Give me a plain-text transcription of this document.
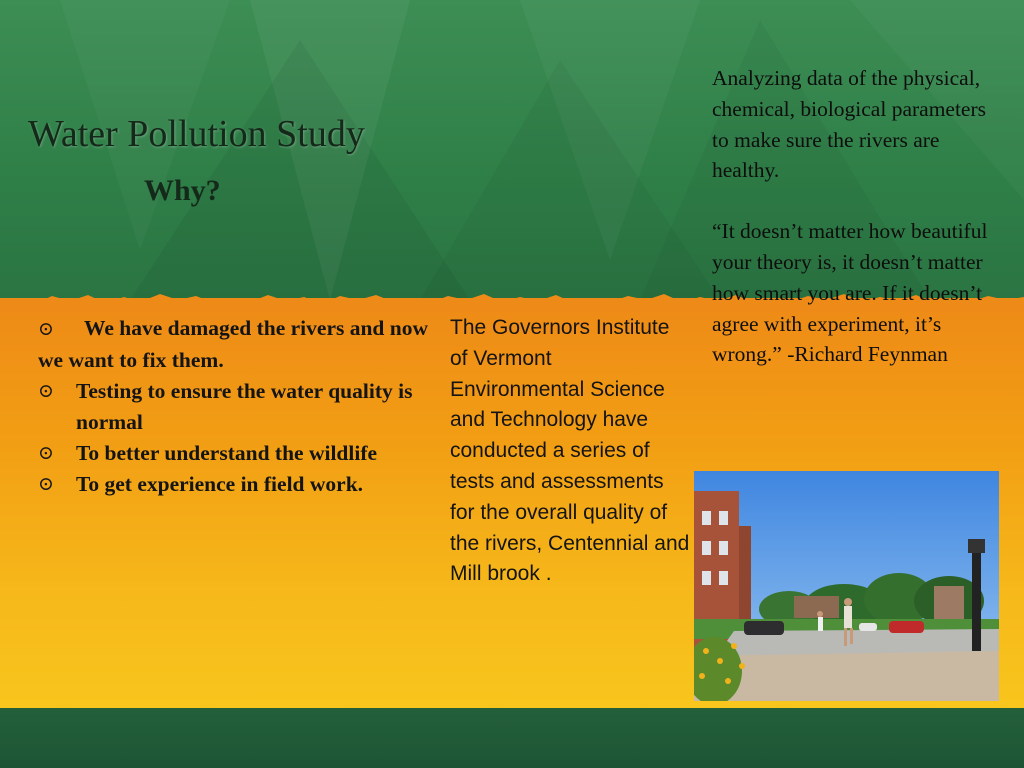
Water Pollution Study
Why?
⊙ We have damaged the rivers and now we want to fix them.
⊙ Testing to ensure the water quality is normal
⊙ To better understand the wildlife
⊙ To get experience in field work.

The Governors Institute of Vermont Environmental Science and Technology have conducted a series of tests and assessments for the overall quality of the rivers, Centennial and Mill brook .

Analyzing data of the physical, chemical, biological parameters to make sure the rivers are healthy.
“It doesn’t matter how beautiful your theory is, it doesn’t matter how smart you are. If it doesn’t agree with experiment, it’s wrong.” -Richard Feynman
